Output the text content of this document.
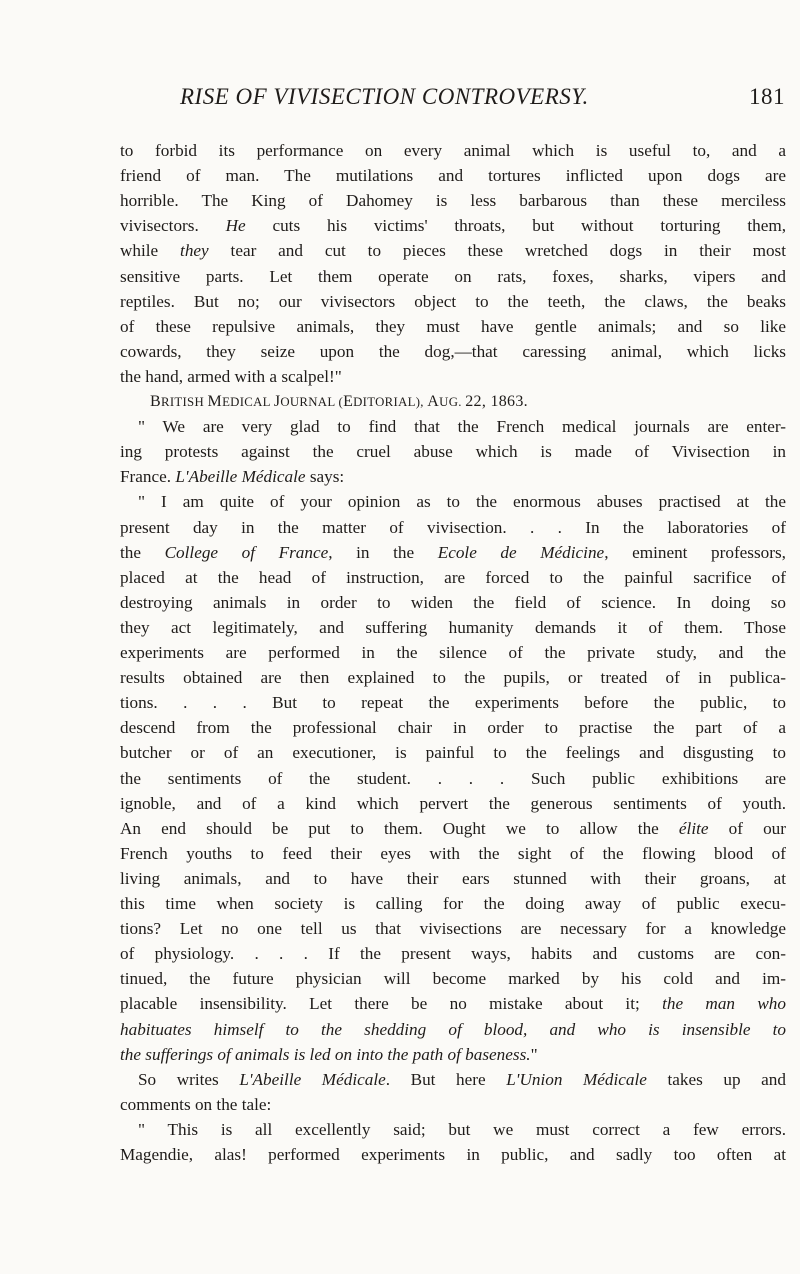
RISE OF VIVISECTION CONTROVERSY.	181
to forbid its performance on every animal which is useful to, and a
friend of man. The mutilations and tortures inflicted upon dogs are
horrible. The King of Dahomey is less barbarous than these merciless
vivisectors. He cuts his victims' throats, but without torturing them,
while they tear and cut to pieces these wretched dogs in their most
sensitive parts. Let them operate on rats, foxes, sharks, vipers and
reptiles. But no; our vivisectors object to the teeth, the claws, the beaks
of these repulsive animals, they must have gentle animals; and so like
cowards, they seize upon the dog,—that caressing animal, which licks
the hand, armed with a scalpel!"
BRITISH MEDICAL JOURNAL (EDITORIAL), AUG. 22, 1863.
" We are very glad to find that the French medical journals are enter-
ing protests against the cruel abuse which is made of Vivisection in
France. L'Abeille Médicale says:
" I am quite of your opinion as to the enormous abuses practised at the
present day in the matter of vivisection. . . In the laboratories of
the College of France, in the Ecole de Médicine, eminent professors,
placed at the head of instruction, are forced to the painful sacrifice of
destroying animals in order to widen the field of science. In doing so
they act legitimately, and suffering humanity demands it of them. Those
experiments are performed in the silence of the private study, and the
results obtained are then explained to the pupils, or treated of in publica-
tions. . . . But to repeat the experiments before the public, to
descend from the professional chair in order to practise the part of a
butcher or of an executioner, is painful to the feelings and disgusting to
the sentiments of the student. . . . Such public exhibitions are
ignoble, and of a kind which pervert the generous sentiments of youth.
An end should be put to them. Ought we to allow the élite of our
French youths to feed their eyes with the sight of the flowing blood of
living animals, and to have their ears stunned with their groans, at
this time when society is calling for the doing away of public execu-
tions? Let no one tell us that vivisections are necessary for a knowledge
of physiology. . . . If the present ways, habits and customs are con-
tinued, the future physician will become marked by his cold and im-
placable insensibility. Let there be no mistake about it; the man who
habituates himself to the shedding of blood, and who is insensible to
the sufferings of animals is led on into the path of baseness."
So writes L'Abeille Médicale. But here L'Union Médicale takes up and
comments on the tale:
" This is all excellently said; but we must correct a few errors.
Magendie, alas! performed experiments in public, and sadly too often at
